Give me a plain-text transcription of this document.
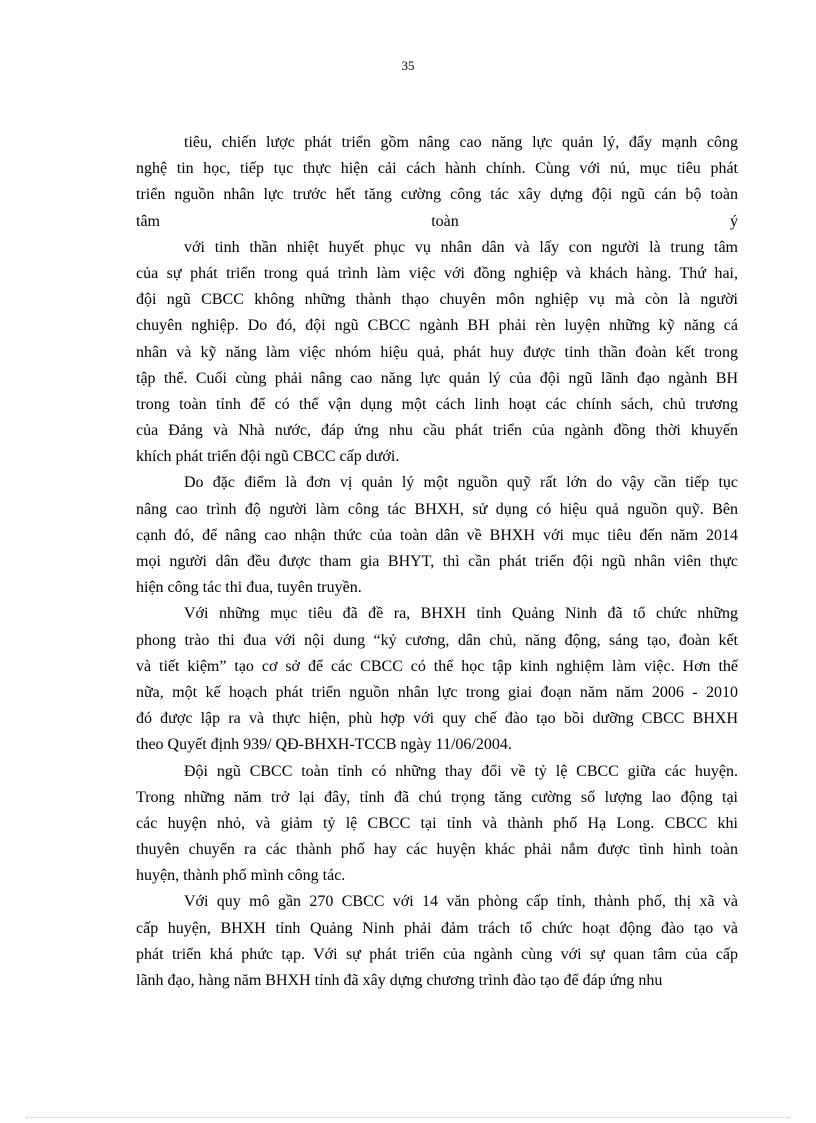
35
tiêu, chiến lược phát triển gồm nâng cao năng lực quản lý, đẩy mạnh công
nghệ tin học, tiếp tục thực hiện cải cách hành chính. Cùng với nú, mục tiêu phát
triển nguồn nhân lực trước hết tăng cường công tác xây dựng đội ngũ cán bộ toàn
tâm	toàn	ý
với tinh thần nhiệt huyết phục vụ nhân dân và lấy con người là trung tâm
của sự phát triển trong quá trình làm việc với đồng nghiệp và khách hàng. Thứ hai,
đội ngũ CBCC không những thành thạo chuyên môn nghiệp vụ mà còn là người
chuyên nghiệp. Do đó, đội ngũ CBCC ngành BH phải rèn luyện những kỹ năng cá
nhân và kỹ năng làm việc nhóm hiệu quả, phát huy được tinh thần đoàn kết trong
tập thể. Cuối cùng phải nâng cao năng lực quản lý của đội ngũ lãnh đạo ngành BH
trong toàn tỉnh để có thể vận dụng một cách linh hoạt các chính sách, chủ trương
của Đảng và Nhà nước, đáp ứng nhu cầu phát triển của ngành đồng thời khuyến
khích phát triển đội ngũ CBCC cấp dưới.
Do đặc điểm là đơn vị quản lý một nguồn quỹ rất lớn do vậy cần tiếp tục
nâng cao trình độ người làm công tác BHXH, sử dụng có hiệu quả nguồn quỹ. Bên
cạnh đó, để nâng cao nhận thức của toàn dân về BHXH với mục tiêu đến năm 2014
mọi người dân đều được tham gia BHYT, thì cần phát triển đội ngũ nhân viên thực
hiện công tác thi đua, tuyên truyền.
Với những mục tiêu đã đề ra, BHXH tỉnh Quảng Ninh đã tổ chức những
phong trào thi đua với nội dung “kỷ cương, dân chủ, năng động, sáng tạo, đoàn kết
và tiết kiệm” tạo cơ sở để các CBCC có thể học tập kinh nghiệm làm việc. Hơn thế
nữa, một kế hoạch phát triển nguồn nhân lực trong giai đoạn năm năm 2006 - 2010
đó được lập ra và thực hiện, phù hợp với quy chế đào tạo bồi dưỡng CBCC BHXH
theo Quyết định 939/ QĐ-BHXH-TCCB ngày 11/06/2004.
Đội ngũ CBCC toàn tỉnh có những thay đổi về tỷ lệ CBCC giữa các huyện.
Trong những năm trở lại đây, tỉnh đã chú trọng tăng cường số lượng lao động tại
các huyện nhỏ, và giảm tỷ lệ CBCC tại tỉnh và thành phố Hạ Long. CBCC khi
thuyên chuyển ra các thành phố hay các huyện khác phải nắm được tình hình toàn
huyện, thành phố mình công tác.
Với quy mô gần 270 CBCC với 14 văn phòng cấp tỉnh, thành phố, thị xã và
cấp huyện, BHXH tỉnh Quảng Ninh phải đảm trách tổ chức hoạt động đào tạo và
phát triển khá phức tạp. Với sự phát triển của ngành cùng với sự quan tâm của cấp
lãnh đạo, hàng năm BHXH tỉnh đã xây dựng chương trình đào tạo để đáp ứng nhu
